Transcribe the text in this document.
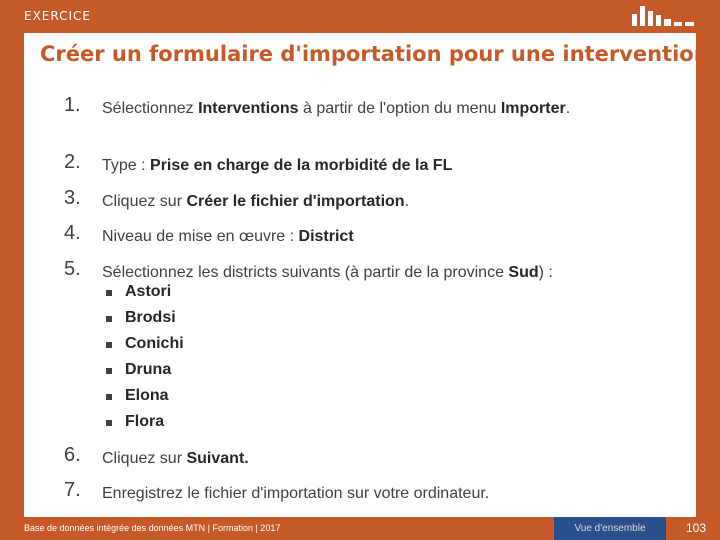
EXERCICE
Créer un formulaire d'importation pour une intervention
1. Sélectionnez Interventions à partir de l'option du menu Importer.
2. Type : Prise en charge de la morbidité de la FL
3. Cliquez sur Créer le fichier d'importation.
4. Niveau de mise en œuvre : District
5. Sélectionnez les districts suivants (à partir de la province Sud) :
Astori
Brodsi
Conichi
Druna
Elona
Flora
6. Cliquez sur Suivant.
7. Enregistrez le fichier d'importation sur votre ordinateur.
Base de données intégrée des données MTN | Formation | 2017	Vue d'ensemble	103
